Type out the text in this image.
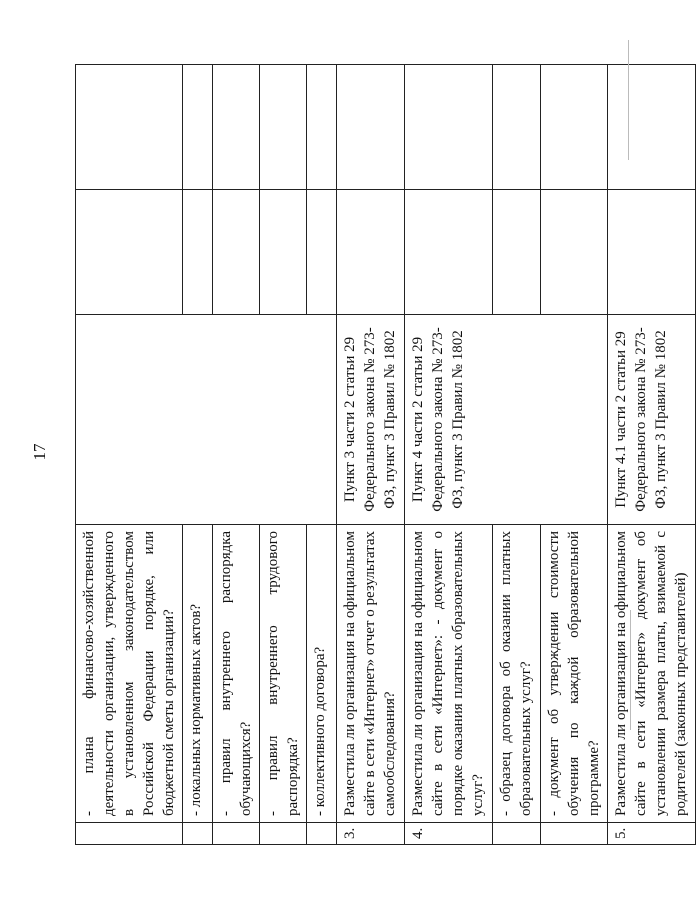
17
	- плана финансово-хозяйственной деятельности организации, утвержденного в установленном законодательством Российской Федерации порядке, или бюджетной сметы организации?			
	- локальных нормативных актов?			
	- правил внутреннего распорядка обучающихся?			
	- правил внутреннего трудового распорядка?			
	- коллективного договора?			
3.	Разместила ли организация на официальном сайте в сети «Интернет» отчет о результатах самообследования?	Пункт 3 части 2 статьи 29 Федерального закона № 273-ФЗ, пункт 3 Правил № 1802		
4.	Разместила ли организация на официальном сайте в сети «Интернет»: - документ о порядке оказания платных образовательных услуг?	Пункт 4 части 2 статьи 29 Федерального закона № 273-ФЗ, пункт 3 Правил № 1802		
	- образец договора об оказании платных образовательных услуг?			
	- документ об утверждении стоимости обучения по каждой образовательной программе?			
5.	Разместила ли организация на официальном сайте в сети «Интернет» документ об установлении размера платы, взимаемой с родителей (законных представителей)	Пункт 4.1 части 2 статьи 29 Федерального закона № 273-ФЗ, пункт 3 Правил № 1802		
